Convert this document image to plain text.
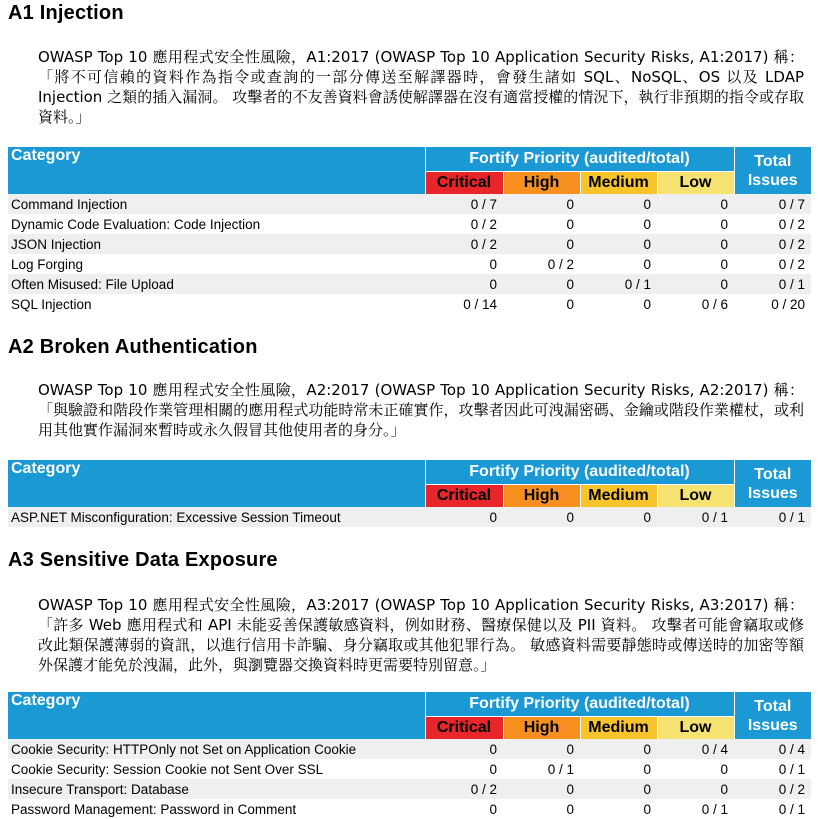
A1 Injection

OWASP Top 10 應用程式安全性風險，A1:2017 (OWASP Top 10 Application Security Risks, A1:2017) 稱：「將不可信賴的資料作為指令或查詢的一部分傳送至解譯器時，會發生諸如 SQL、NoSQL、OS 以及 LDAP Injection 之類的插入漏洞。 攻擊者的不友善資料會誘使解譯器在沒有適當授權的情況下，執行非預期的指令或存取資料。」

Category	Fortify Priority (audited/total)				Total
Issues
	Critical	High	Medium	Low	
Command Injection	0 / 7	0	0	0	0 / 7
Dynamic Code Evaluation: Code Injection	0 / 2	0	0	0	0 / 2
JSON Injection	0 / 2	0	0	0	0 / 2
Log Forging	0	0 / 2	0	0	0 / 2
Often Misused: File Upload	0	0	0 / 1	0	0 / 1
SQL Injection	0 / 14	0	0	0 / 6	0 / 20
A2 Broken Authentication

OWASP Top 10 應用程式安全性風險，A2:2017 (OWASP Top 10 Application Security Risks, A2:2017) 稱：「與驗證和階段作業管理相關的應用程式功能時常未正確實作，攻擊者因此可洩漏密碼、金鑰或階段作業權杖，或利用其他實作漏洞來暫時或永久假冒其他使用者的身分。」

Category	Fortify Priority (audited/total)				Total
Issues
	Critical	High	Medium	Low	
ASP.NET Misconfiguration: Excessive Session Timeout	0	0	0	0 / 1	0 / 1
A3 Sensitive Data Exposure

OWASP Top 10 應用程式安全性風險，A3:2017 (OWASP Top 10 Application Security Risks, A3:2017) 稱：「許多 Web 應用程式和 API 未能妥善保護敏感資料，例如財務、醫療保健以及 PII 資料。 攻擊者可能會竊取或修改此類保護薄弱的資訊，以進行信用卡詐騙、身分竊取或其他犯罪行為。 敏感資料需要靜態時或傳送時的加密等額外保護才能免於洩漏，此外，與瀏覽器交換資料時更需要特別留意。」

Category	Fortify Priority (audited/total)				Total
Issues
	Critical	High	Medium	Low	
Cookie Security: HTTPOnly not Set on Application Cookie	0	0	0	0 / 4	0 / 4
Cookie Security: Session Cookie not Sent Over SSL	0	0 / 1	0	0	0 / 1
Insecure Transport: Database	0 / 2	0	0	0	0 / 2
Password Management: Password in Comment	0	0	0	0 / 1	0 / 1
